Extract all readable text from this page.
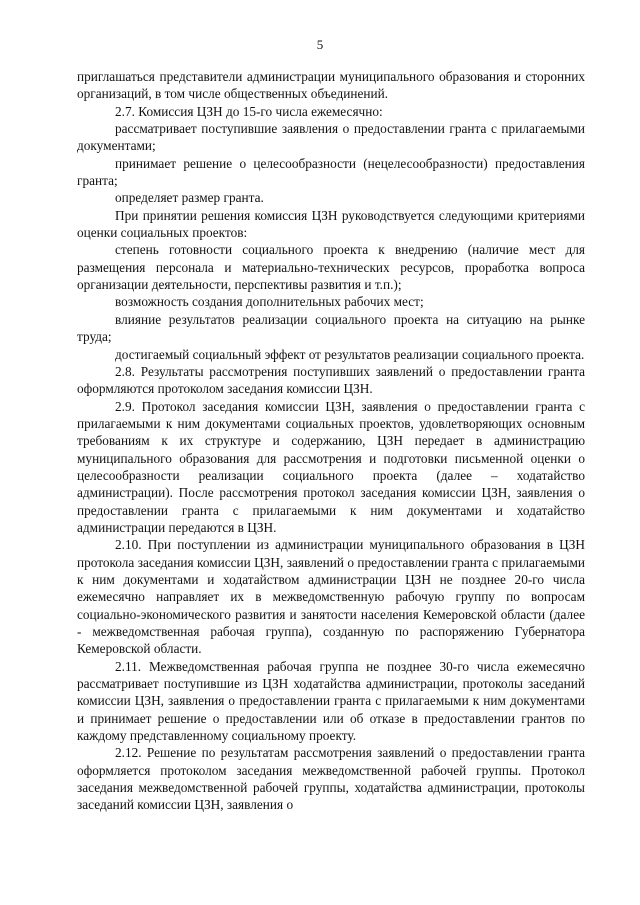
5

приглашаться представители администрации муниципального образования и сторонних организаций, в том числе общественных объединений.

2.7. Комиссия ЦЗН до 15-го числа ежемесячно:

рассматривает поступившие заявления о предоставлении гранта с прилагаемыми документами;

принимает решение о целесообразности (нецелесообразности) предоставления гранта;

определяет размер гранта.

При принятии решения комиссия ЦЗН руководствуется следующими критериями оценки социальных проектов:

степень готовности социального проекта к внедрению (наличие мест для размещения персонала и материально-технических ресурсов, проработка вопроса организации деятельности, перспективы развития и т.п.);

возможность создания дополнительных рабочих мест;

влияние результатов реализации социального проекта на ситуацию на рынке труда;

достигаемый социальный эффект от результатов реализации социального проекта.

2.8. Результаты рассмотрения поступивших заявлений о предоставлении гранта оформляются протоколом заседания комиссии ЦЗН.

2.9. Протокол заседания комиссии ЦЗН, заявления о предоставлении гранта с прилагаемыми к ним документами социальных проектов, удовлетворяющих основным требованиям к их структуре и содержанию, ЦЗН передает в администрацию муниципального образования для рассмотрения и подготовки письменной оценки о целесообразности реализации социального проекта (далее – ходатайство администрации). После рассмотрения протокол заседания комиссии ЦЗН, заявления о предоставлении гранта с прилагаемыми к ним документами и ходатайство администрации передаются в ЦЗН.

2.10. При поступлении из администрации муниципального образования в ЦЗН протокола заседания комиссии ЦЗН, заявлений о предоставлении гранта с прилагаемыми к ним документами и ходатайством администрации ЦЗН не позднее 20-го числа ежемесячно направляет их в межведомственную рабочую группу по вопросам социально-экономического развития и занятости населения Кемеровской области (далее - межведомственная рабочая группа), созданную по распоряжению Губернатора Кемеровской области.

2.11. Межведомственная рабочая группа не позднее 30-го числа ежемесячно рассматривает поступившие из ЦЗН ходатайства администрации, протоколы заседаний комиссии ЦЗН, заявления о предоставлении гранта с прилагаемыми к ним документами и принимает решение о предоставлении или об отказе в предоставлении грантов по каждому представленному социальному проекту.

2.12. Решение по результатам рассмотрения заявлений о предоставлении гранта оформляется протоколом заседания межведомственной рабочей группы. Протокол заседания межведомственной рабочей группы, ходатайства администрации, протоколы заседаний комиссии ЦЗН, заявления о
